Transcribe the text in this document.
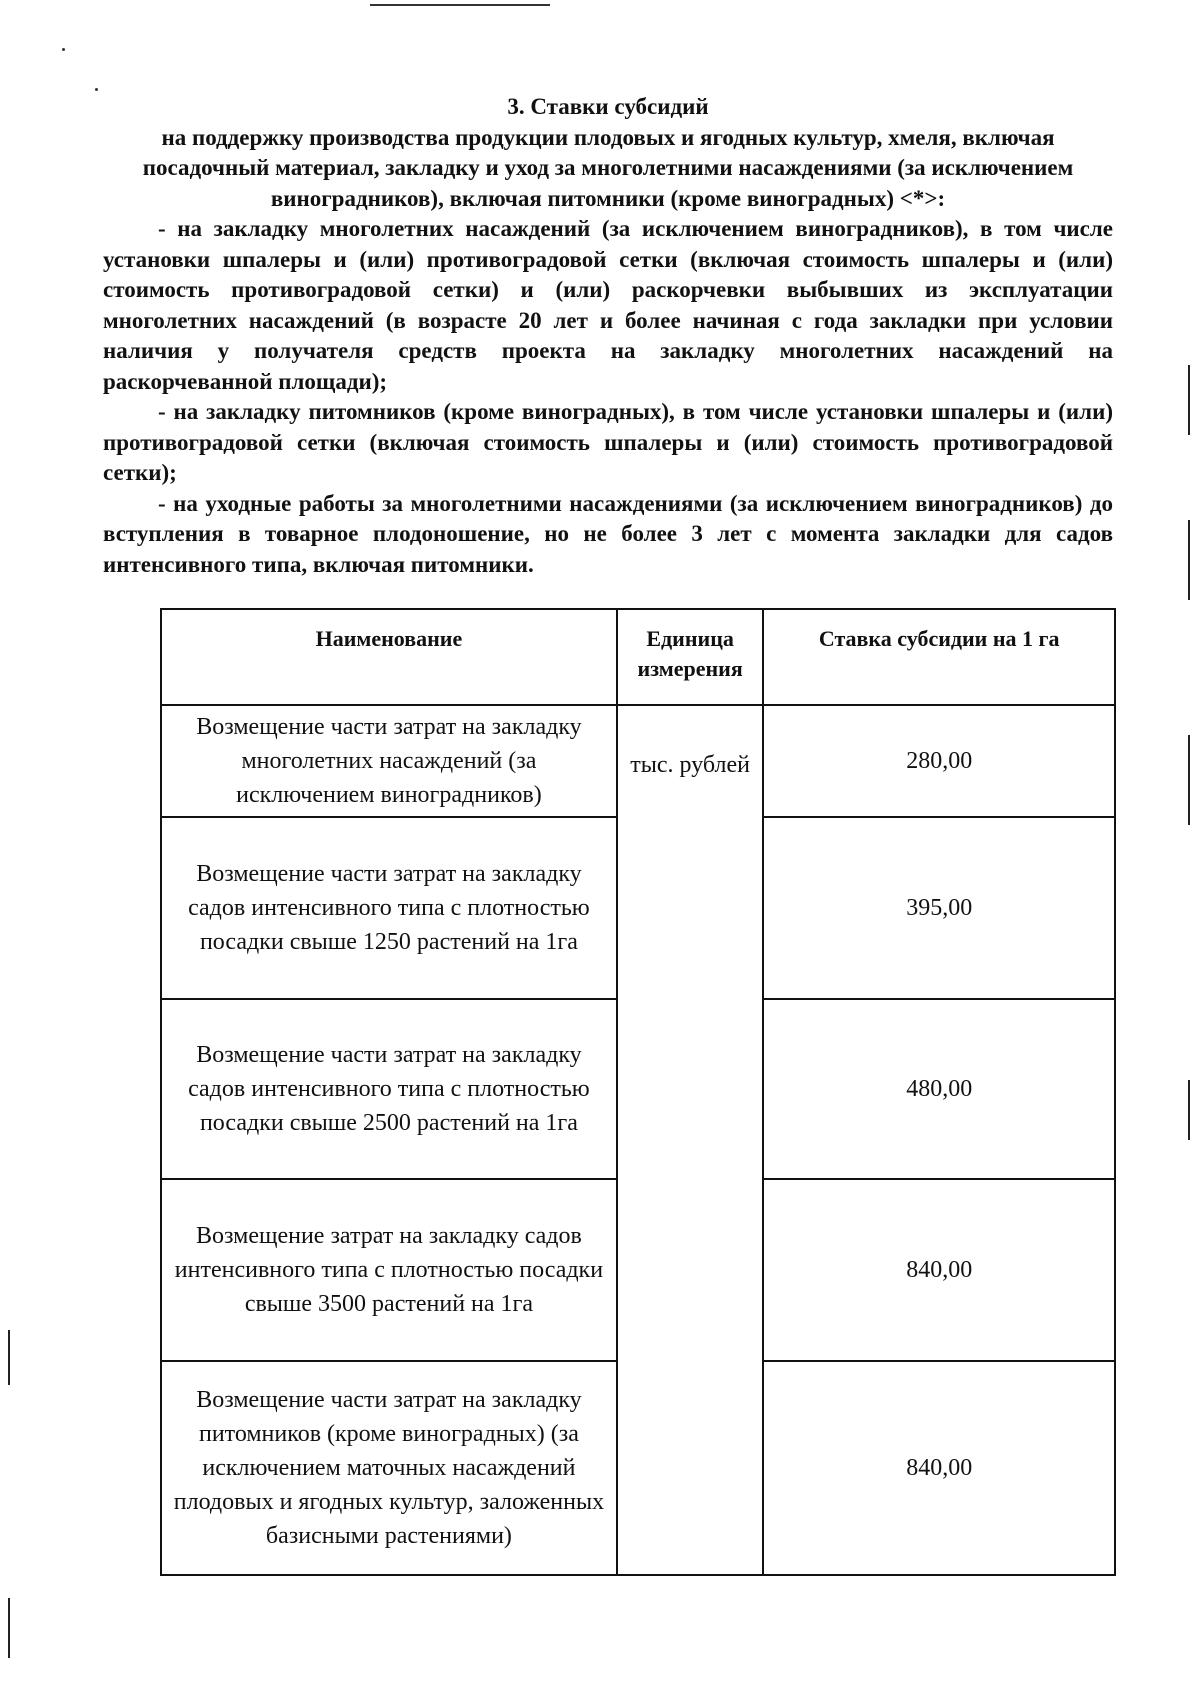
3. Ставки субсидий
на поддержку производства продукции плодовых и ягодных культур, хмеля, включая посадочный материал, закладку и уход за многолетними насаждениями (за исключением виноградников), включая питомники (кроме виноградных) <*>:
- на закладку многолетних насаждений (за исключением виноградников), в том числе установки шпалеры и (или) противоградовой сетки (включая стоимость шпалеры и (или) стоимость противоградовой сетки) и (или) раскорчевки выбывших из эксплуатации многолетних насаждений (в возрасте 20 лет и более начиная с года закладки при условии наличия у получателя средств проекта на закладку многолетних насаждений на раскорчеванной площади);
- на закладку питомников (кроме виноградных), в том числе установки шпалеры и (или) противоградовой сетки (включая стоимость шпалеры и (или) стоимость противоградовой сетки);
- на уходные работы за многолетними насаждениями (за исключением виноградников) до вступления в товарное плодоношение, но не более 3 лет с момента закладки для садов интенсивного типа, включая питомники.
Наименование	Единица измерения	Ставка субсидии на 1 га
Возмещение части затрат на закладку многолетних насаждений (за исключением виноградников)	тыс. рублей	280,00
Возмещение части затрат на закладку садов интенсивного типа с плотностью посадки свыше 1250 растений на 1га		395,00
Возмещение части затрат на закладку садов интенсивного типа с плотностью посадки свыше 2500 растений на 1га		480,00
Возмещение затрат на закладку садов интенсивного типа с плотностью посадки свыше 3500 растений на 1га		840,00
Возмещение части затрат на закладку питомников (кроме виноградных) (за исключением маточных насаждений плодовых и ягодных культур, заложенных базисными растениями)		840,00
